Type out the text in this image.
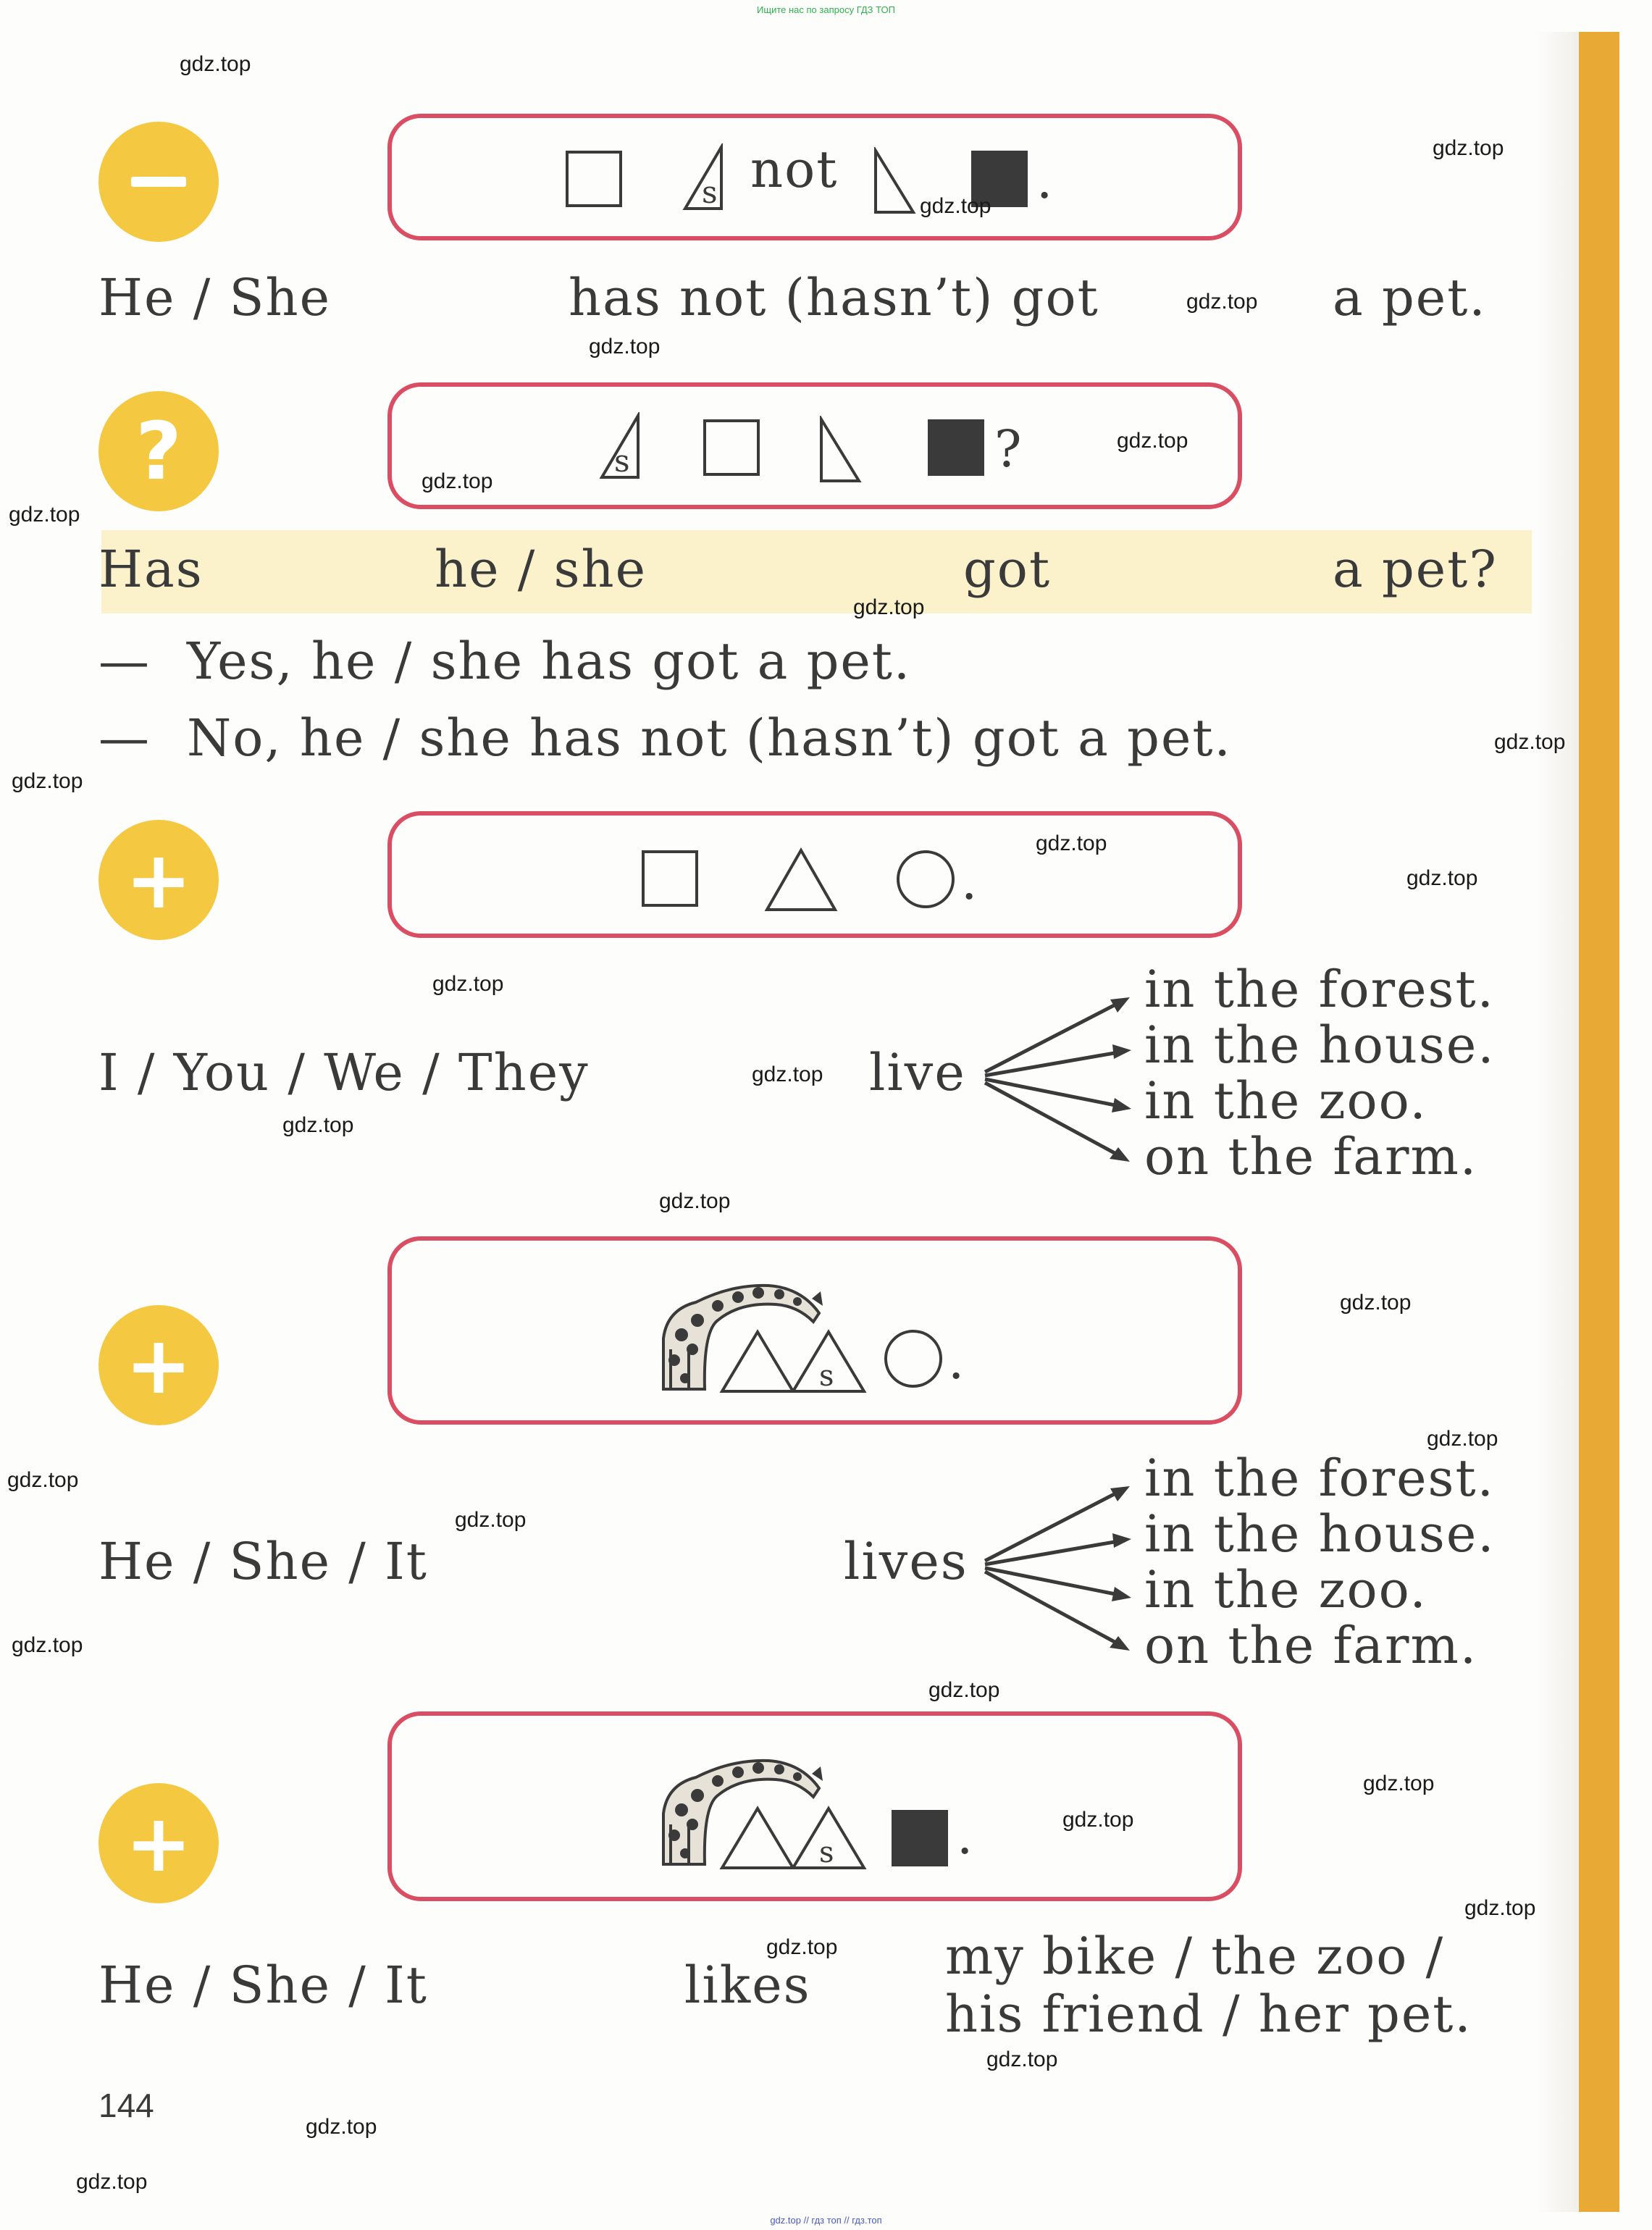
Ищите нас по запросу ГДЗ ТОП
s not	.
He / She	has not (hasn’t) got	a pet.
?	s	?
Has	he / she	got	a pet?
— Yes, he / she has got a pet.
— No, he / she has not (hasn’t) got a pet.
+	.
I / You / We / They	live
in the forest.
in the house.
in the zoo.
on the farm.
+	s .
He / She / It	lives
in the forest.
in the house.
in the zoo.
on the farm.
+	s .
He / She / It	likes	my bike / the zoo /
his friend / her pet.
144
gdz.top
gdz.top
gdz.top
gdz.top
gdz.top
gdz.top
gdz.top
gdz.top
gdz.top
gdz.top
gdz.top
gdz.top
gdz.top
gdz.top
gdz.top
gdz.top
gdz.top
gdz.top
gdz.top
gdz.top
gdz.top
gdz.top
gdz.top
gdz.top
gdz.top
gdz.top
gdz.top
gdz.top
gdz.top
gdz.top
gdz.top // гдз топ // гдз.топ
